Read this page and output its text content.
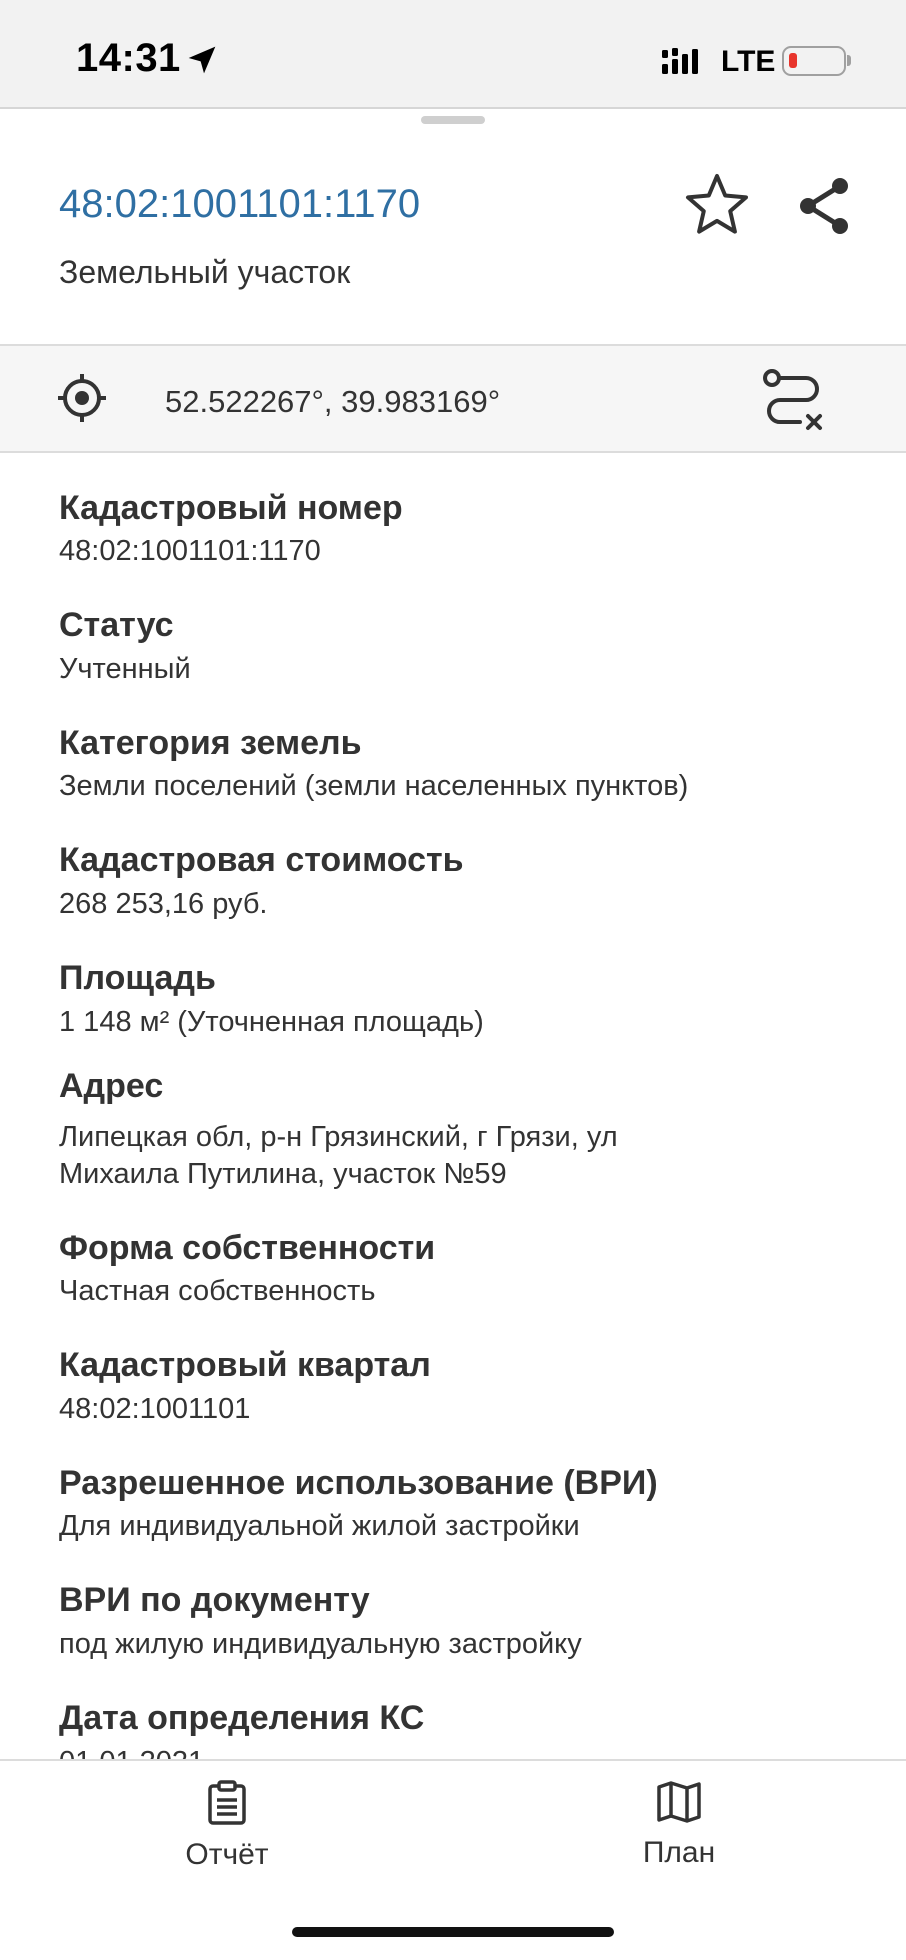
14:31	LTE
48:02:1001101:1170
Земельный участок
52.522267°, 39.983169°
Кадастровый номер
48:02:1001101:1170
Статус
Учтенный
Категория земель
Земли поселений (земли населенных пунктов)
Кадастровая стоимость
268 253,16 руб.
Площадь
1 148 м² (Уточненная площадь)
Адрес
Липецкая обл, р-н Грязинский, г Грязи, ул
Михаила Путилина, участок №59
Форма собственности
Частная собственность
Кадастровый квартал
48:02:1001101
Разрешенное использование (ВРИ)
Для индивидуальной жилой застройки
ВРИ по документу
под жилую индивидуальную застройку
Дата определения КС
Отчёт	План
